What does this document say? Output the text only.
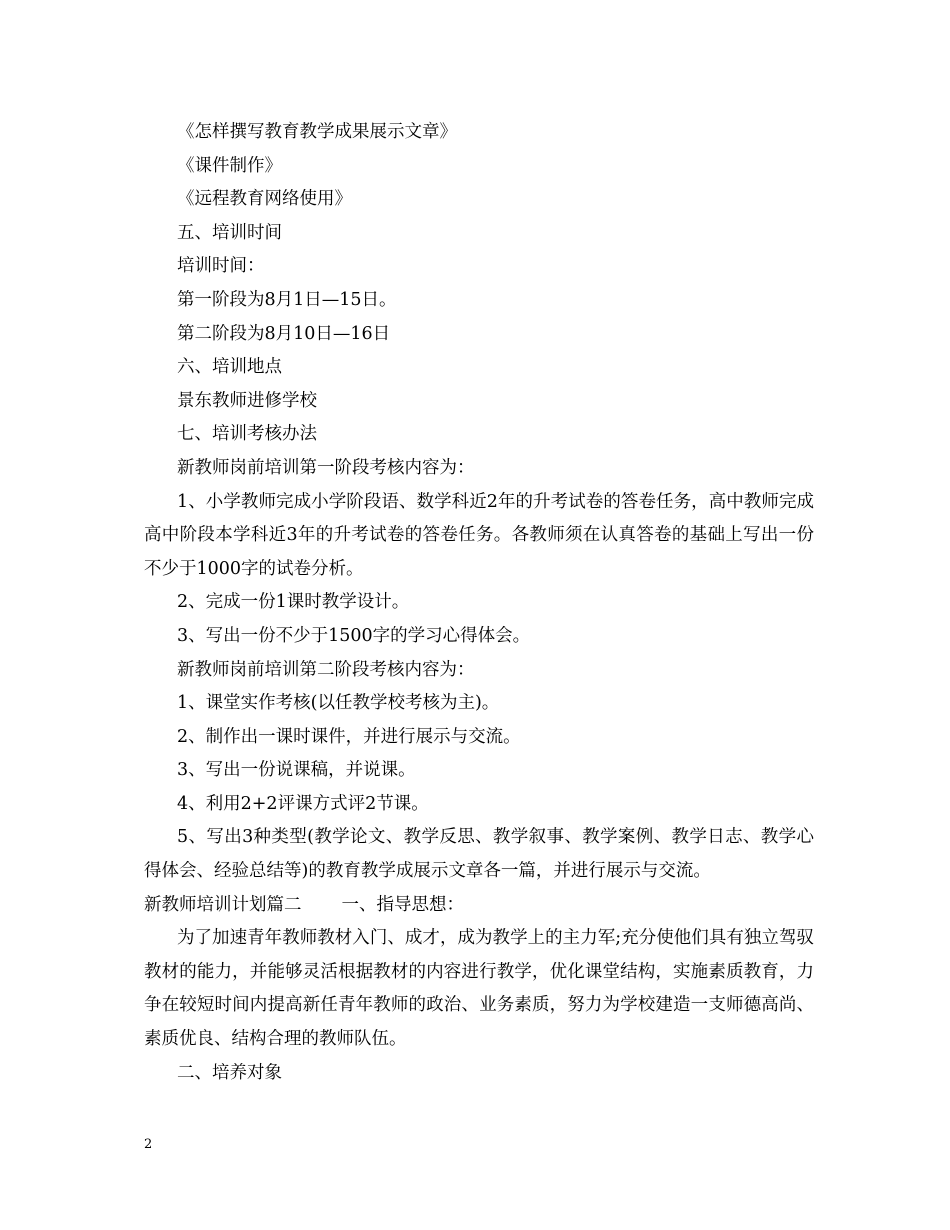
《怎样撰写教育教学成果展示文章》

《课件制作》

《远程教育网络使用》

五、培训时间

培训时间：

第一阶段为8月1日—15日。

第二阶段为8月10日—16日

六、培训地点

景东教师进修学校

七、培训考核办法

新教师岗前培训第一阶段考核内容为：

1、小学教师完成小学阶段语、数学科近2年的升考试卷的答卷任务，高中教师完成高中阶段本学科近3年的升考试卷的答卷任务。各教师须在认真答卷的基础上写出一份不少于1000字的试卷分析。

2、完成一份1课时教学设计。

3、写出一份不少于1500字的学习心得体会。

新教师岗前培训第二阶段考核内容为：

1、课堂实作考核(以任教学校考核为主)。

2、制作出一课时课件，并进行展示与交流。

3、写出一份说课稿，并说课。

4、利用2+2评课方式评2节课。

5、写出3种类型(教学论文、教学反思、教学叙事、教学案例、教学日志、教学心得体会、经验总结等)的教育教学成展示文章各一篇，并进行展示与交流。

新教师培训计划篇二 一、指导思想：

为了加速青年教师教材入门、成才，成为教学上的主力军;充分使他们具有独立驾驭教材的能力，并能够灵活根据教材的内容进行教学，优化课堂结构，实施素质教育，力争在较短时间内提高新任青年教师的政治、业务素质，努力为学校建造一支师德高尚、素质优良、结构合理的教师队伍。

二、培养对象

2
